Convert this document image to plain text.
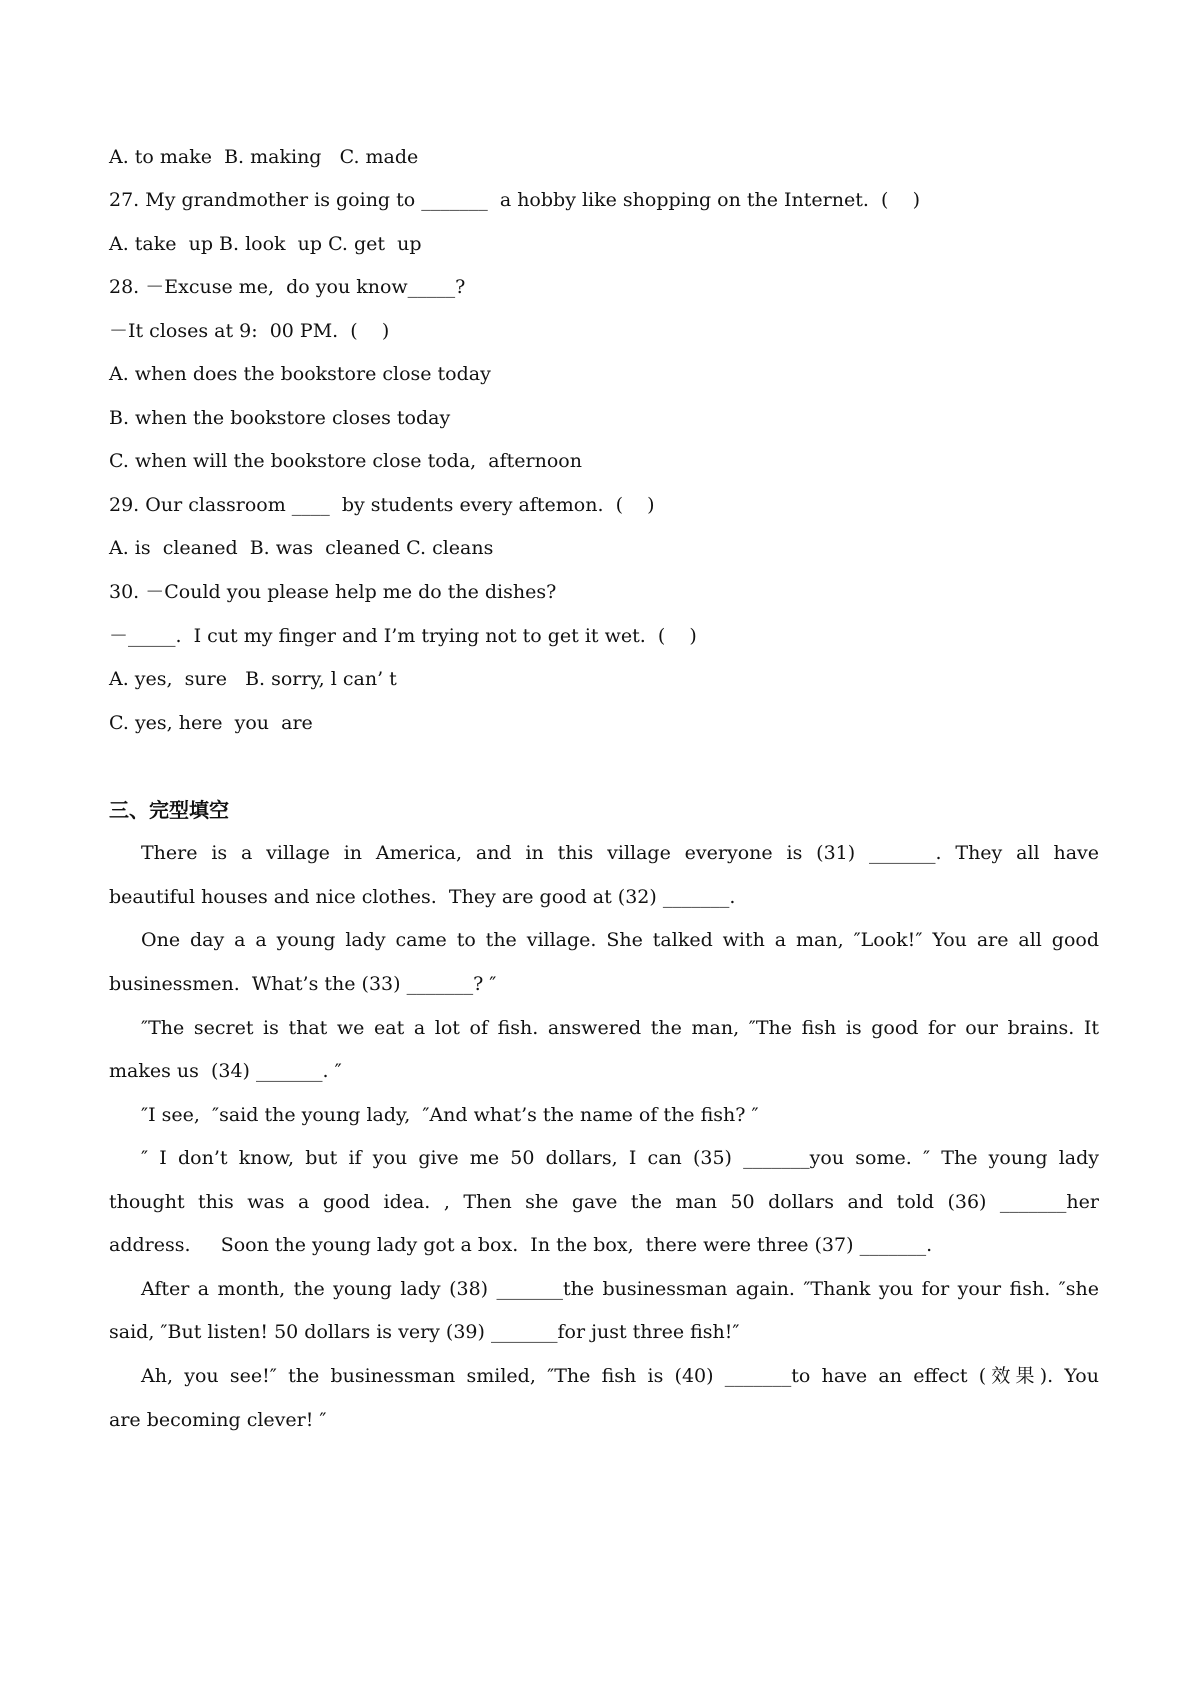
A. to make  B. making   C. made
27. My grandmother is going to _______  a hobby like shopping on the Internet.  (    )
A. take  up B. look  up C. get  up
28. －Excuse me,  do you know_____?
－It closes at 9:  00 PM.  (    )
A. when does the bookstore close today
B. when the bookstore closes today
C. when will the bookstore close toda,  afternoon
29. Our classroom ____  by students every aftemon.  (    )
A. is  cleaned  B. was  cleaned C. cleans
30. －Could you please help me do the dishes?
－_____.  I cut my finger and I’m trying not to get it wet.  (    )
A. yes,  sure   B. sorry, l can’ t
C. yes, here  you  are
三、完型填空
There is a village in America, and in this village everyone is (31) _______. They all have
beautiful houses and nice clothes.  They are good at (32) _______.
One day a a young lady came to the village. She talked with a man, ″Look!″ You are all good
businessmen.  What’s the (33) _______? ″
″The secret is that we eat a lot of fish. answered the man, ″The fish is good for our brains. It
makes us  (34) _______. ″
″I see,  ″said the young lady,  ″And what’s the name of the fish? ″
″ I don’t know, but if you give me 50 dollars, I can (35) _______you some. ″ The young lady
thought this was a good idea. , Then she gave the man 50 dollars and told (36) _______her
address.     Soon the young lady got a box.  In the box,  there were three (37) _______.
After a month, the young lady (38) _______the businessman again. ″Thank you for your fish. ″she
said, ″But listen! 50 dollars is very (39) _______for just three fish!″
Ah, you see!″ the businessman smiled, ″The fish is (40) _______to have an effect (效果). You
are becoming clever! ″
